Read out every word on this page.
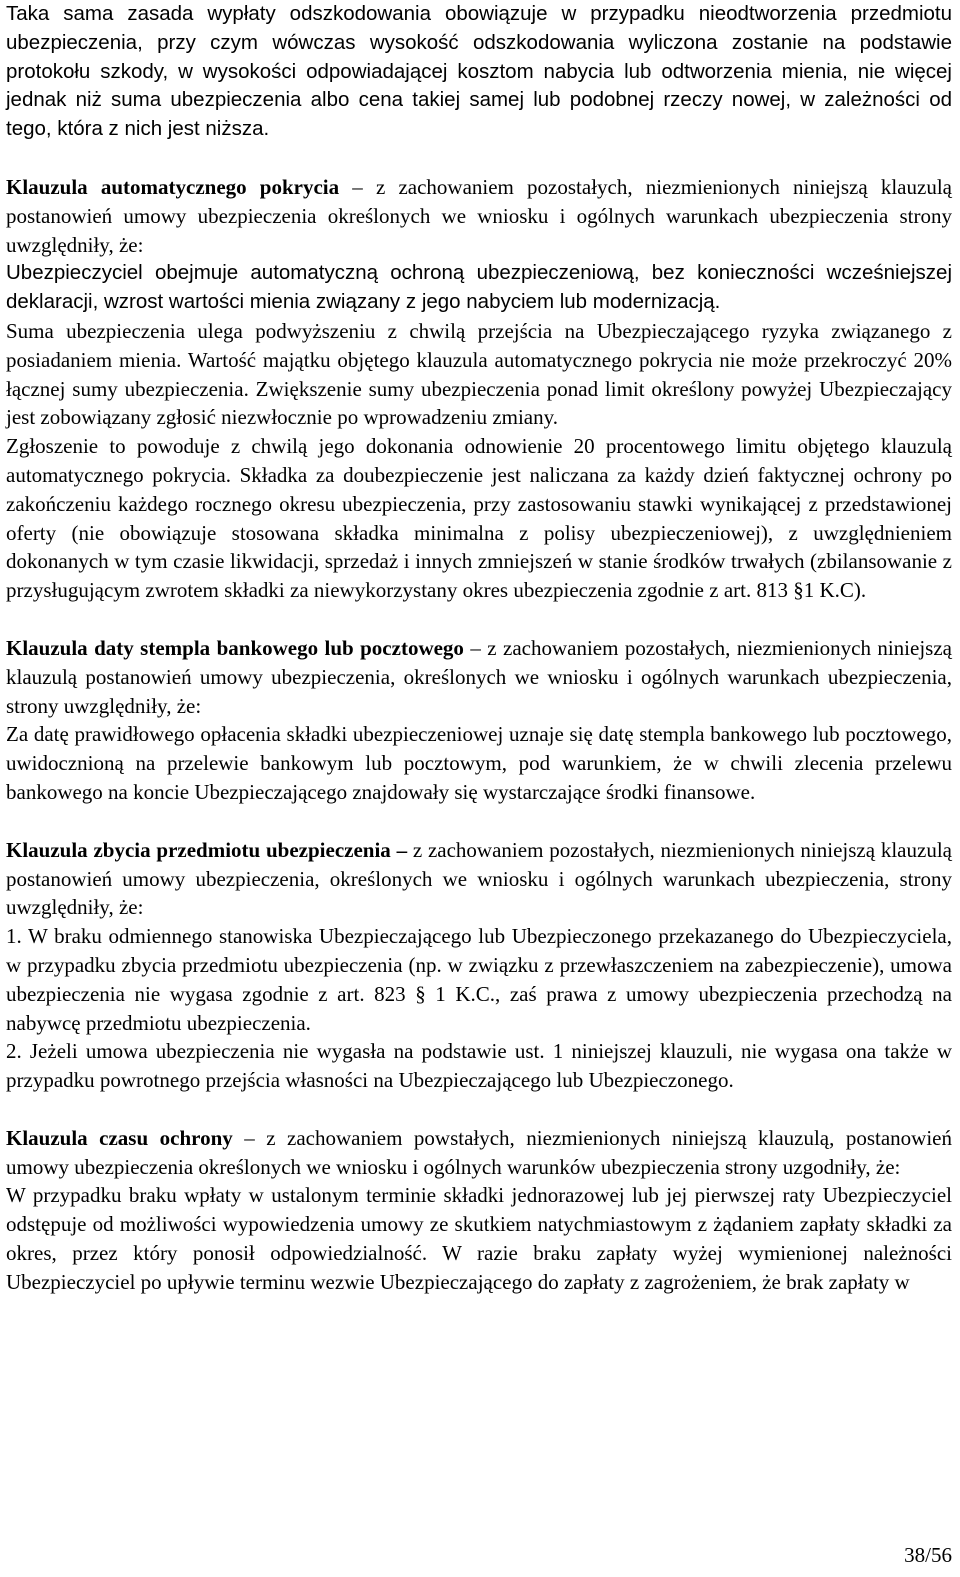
Taka sama zasada wypłaty odszkodowania obowiązuje w przypadku nieodtworzenia przedmiotu ubezpieczenia, przy czym wówczas wysokość odszkodowania wyliczona zostanie na podstawie protokołu szkody, w wysokości odpowiadającej kosztom nabycia lub odtworzenia mienia, nie więcej jednak niż suma ubezpieczenia albo cena takiej samej lub podobnej rzeczy nowej, w zależności od tego, która z nich jest niższa.

Klauzula automatycznego pokrycia – z zachowaniem pozostałych, niezmienionych niniejszą klauzulą postanowień umowy ubezpieczenia określonych we wniosku i ogólnych warunkach ubezpieczenia strony uwzględniły, że:

Ubezpieczyciel obejmuje automatyczną ochroną ubezpieczeniową, bez konieczności wcześniejszej deklaracji, wzrost wartości mienia związany z jego nabyciem lub modernizacją.

Suma ubezpieczenia ulega podwyższeniu z chwilą przejścia na Ubezpieczającego ryzyka związanego z posiadaniem mienia. Wartość majątku objętego klauzula automatycznego pokrycia nie może przekroczyć 20% łącznej sumy ubezpieczenia. Zwiększenie sumy ubezpieczenia ponad limit określony powyżej Ubezpieczający jest zobowiązany zgłosić niezwłocznie po wprowadzeniu zmiany.

Zgłoszenie to powoduje z chwilą jego dokonania odnowienie 20 procentowego limitu objętego klauzulą automatycznego pokrycia. Składka za doubezpieczenie jest naliczana za każdy dzień faktycznej ochrony po zakończeniu każdego rocznego okresu ubezpieczenia, przy zastosowaniu stawki wynikającej z przedstawionej oferty (nie obowiązuje stosowana składka minimalna z polisy ubezpieczeniowej), z uwzględnieniem dokonanych w tym czasie likwidacji, sprzedaż i innych zmniejszeń w stanie środków trwałych (zbilansowanie z przysługującym zwrotem składki za niewykorzystany okres ubezpieczenia zgodnie z art. 813 §1 K.C).

Klauzula daty stempla bankowego lub pocztowego – z zachowaniem pozostałych, niezmienionych niniejszą klauzulą postanowień umowy ubezpieczenia, określonych we wniosku i ogólnych warunkach ubezpieczenia, strony uwzględniły, że:

Za datę prawidłowego opłacenia składki ubezpieczeniowej uznaje się datę stempla bankowego lub pocztowego, uwidocznioną na przelewie bankowym lub pocztowym, pod warunkiem, że w chwili zlecenia przelewu bankowego na koncie Ubezpieczającego znajdowały się wystarczające środki finansowe.

Klauzula zbycia przedmiotu ubezpieczenia – z zachowaniem pozostałych, niezmienionych niniejszą klauzulą postanowień umowy ubezpieczenia, określonych we wniosku i ogólnych warunkach ubezpieczenia, strony uwzględniły, że:

1. W braku odmiennego stanowiska Ubezpieczającego lub Ubezpieczonego przekazanego do Ubezpieczyciela, w przypadku zbycia przedmiotu ubezpieczenia (np. w związku z przewłaszczeniem na zabezpieczenie), umowa ubezpieczenia nie wygasa zgodnie z art. 823 § 1 K.C., zaś prawa z umowy ubezpieczenia przechodzą na nabywcę przedmiotu ubezpieczenia.

2. Jeżeli umowa ubezpieczenia nie wygasła na podstawie ust. 1 niniejszej klauzuli, nie wygasa ona także w przypadku powrotnego przejścia własności na Ubezpieczającego lub Ubezpieczonego.

Klauzula czasu ochrony – z zachowaniem powstałych, niezmienionych niniejszą klauzulą, postanowień umowy ubezpieczenia określonych we wniosku i ogólnych warunków ubezpieczenia strony uzgodniły, że:

W przypadku braku wpłaty w ustalonym terminie składki jednorazowej lub jej pierwszej raty Ubezpieczyciel odstępuje od możliwości wypowiedzenia umowy ze skutkiem natychmiastowym z żądaniem zapłaty składki za okres, przez który ponosił odpowiedzialność. W razie braku zapłaty wyżej wymienionej należności Ubezpieczyciel po upływie terminu wezwie Ubezpieczającego do zapłaty z zagrożeniem, że brak zapłaty w

38/56
